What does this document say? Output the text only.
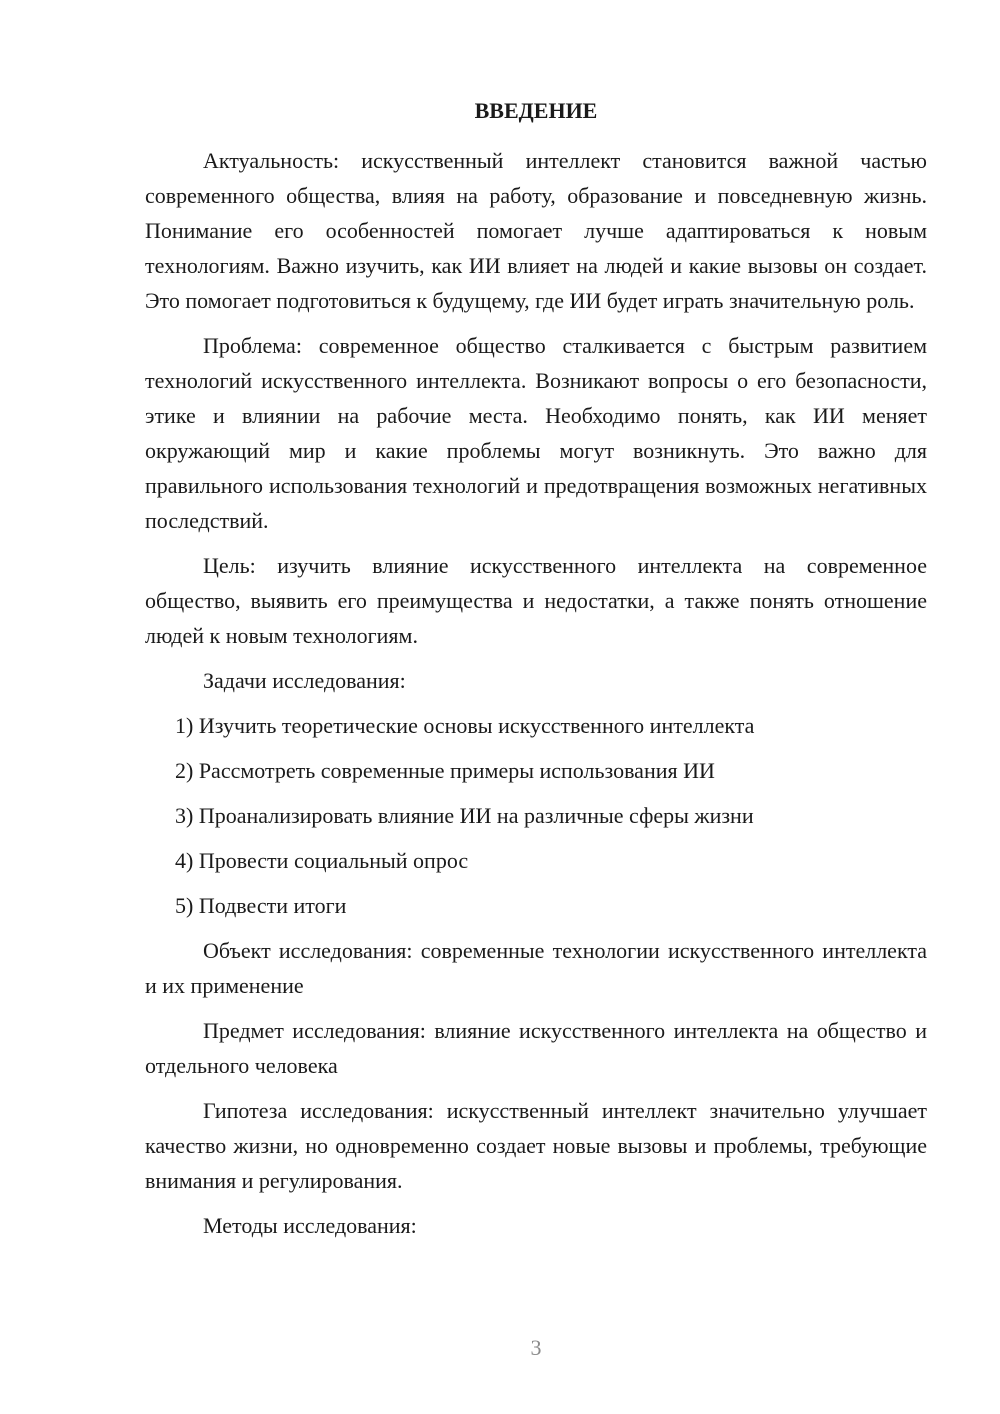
ВВЕДЕНИЕ

Актуальность: искусственный интеллект становится важной частью современного общества, влияя на работу, образование и повседневную жизнь. Понимание его особенностей помогает лучше адаптироваться к новым технологиям. Важно изучить, как ИИ влияет на людей и какие вызовы он создает. Это помогает подготовиться к будущему, где ИИ будет играть значительную роль.

Проблема: современное общество сталкивается с быстрым развитием технологий искусственного интеллекта. Возникают вопросы о его безопасности, этике и влиянии на рабочие места. Необходимо понять, как ИИ меняет окружающий мир и какие проблемы могут возникнуть. Это важно для правильного использования технологий и предотвращения возможных негативных последствий.

Цель: изучить влияние искусственного интеллекта на современное общество, выявить его преимущества и недостатки, а также понять отношение людей к новым технологиям.

Задачи исследования:

1) Изучить теоретические основы искусственного интеллекта
2) Рассмотреть современные примеры использования ИИ
3) Проанализировать влияние ИИ на различные сферы жизни
4) Провести социальный опрос
5) Подвести итоги

Объект исследования: современные технологии искусственного интеллекта и их применение

Предмет исследования: влияние искусственного интеллекта на общество и отдельного человека

Гипотеза исследования: искусственный интеллект значительно улучшает качество жизни, но одновременно создает новые вызовы и проблемы, требующие внимания и регулирования.

Методы исследования:

3
